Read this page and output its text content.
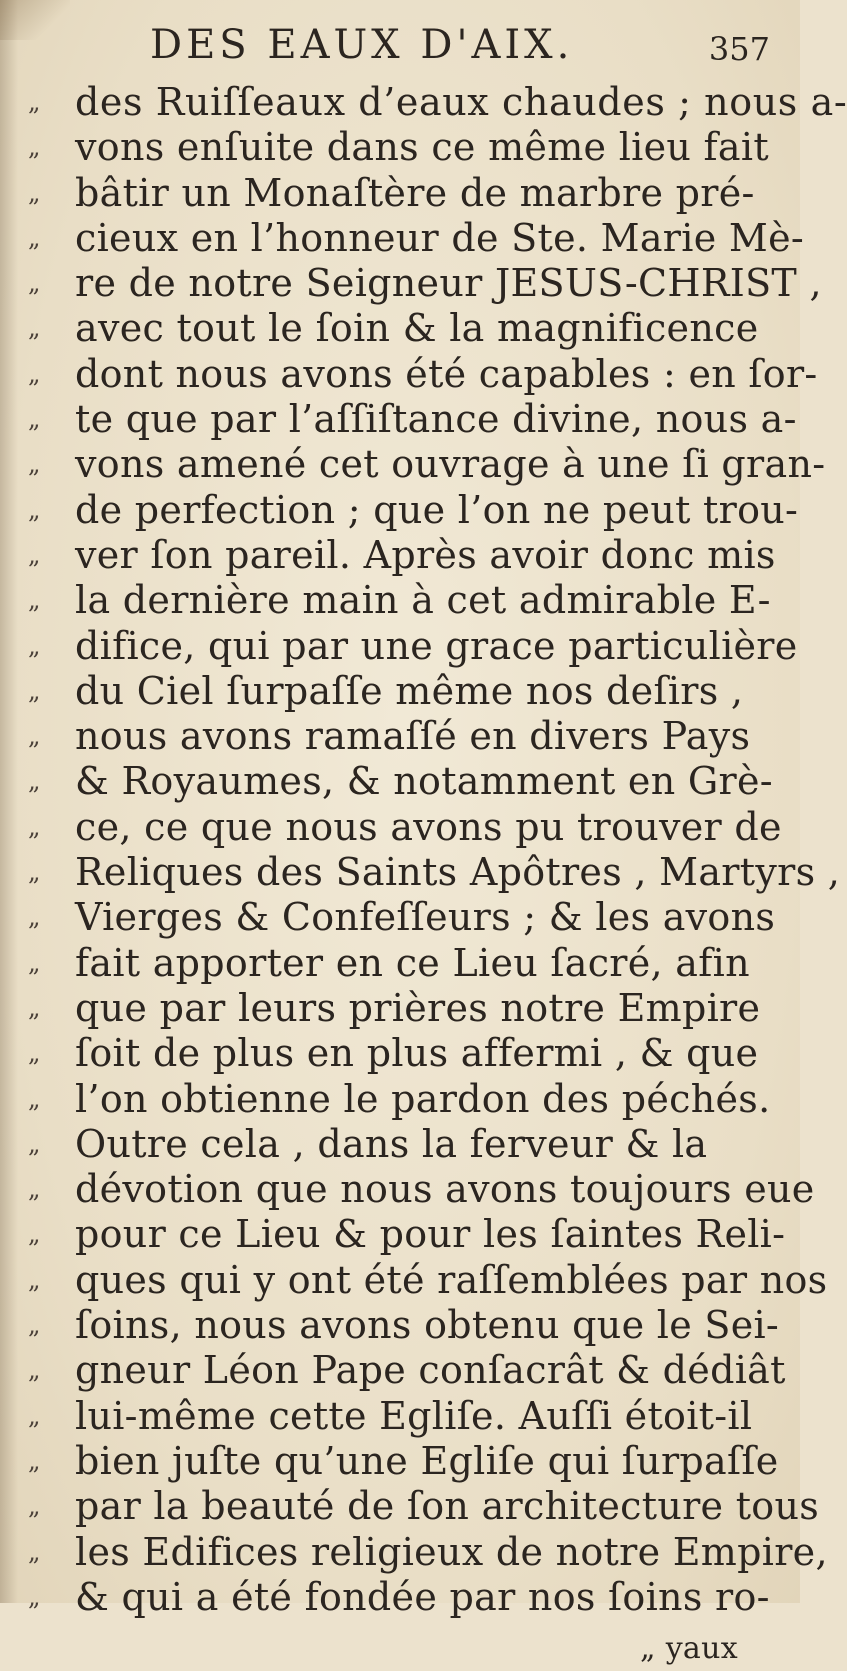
DES EAUX D'AIX.	357
„ des Ruiſſeaux d’eaux chaudes ; nous a-
„ vons enſuite dans ce même lieu fait
„ bâtir un Monaſtère de marbre pré-
„ cieux en l’honneur de Ste. Marie Mè-
„ re de notre Seigneur JESUS-CHRIST ,
„ avec tout le ſoin & la magnificence
„ dont nous avons été capables : en ſor-
„ te que par l’aſſiſtance divine, nous a-
„ vons amené cet ouvrage à une ſi gran-
„ de perfection ; que l’on ne peut trou-
„ ver ſon pareil. Après avoir donc mis
„ la dernière main à cet admirable E-
„ difice, qui par une grace particulière
„ du Ciel ſurpaſſe même nos deſirs ,
„ nous avons ramaſſé en divers Pays
„ & Royaumes, & notamment en Grè-
„ ce, ce que nous avons pu trouver de
„ Reliques des Saints Apôtres , Martyrs ,
„ Vierges & Confeſſeurs ; & les avons
„ fait apporter en ce Lieu ſacré, afin
„ que par leurs prières notre Empire
„ ſoit de plus en plus affermi , & que
„ l’on obtienne le pardon des péchés.
„ Outre cela , dans la ferveur & la
„ dévotion que nous avons toujours eue
„ pour ce Lieu & pour les ſaintes Reli-
„ ques qui y ont été raſſemblées par nos
„ ſoins, nous avons obtenu que le Sei-
„ gneur Léon Pape conſacrât & dédiât
„ lui-même cette Egliſe. Auſſi étoit-il
„ bien juſte qu’une Egliſe qui ſurpaſſe
„ par la beauté de ſon architecture tous
„ les Edifices religieux de notre Empire,
„ & qui a été fondée par nos ſoins ro-
„ yaux
